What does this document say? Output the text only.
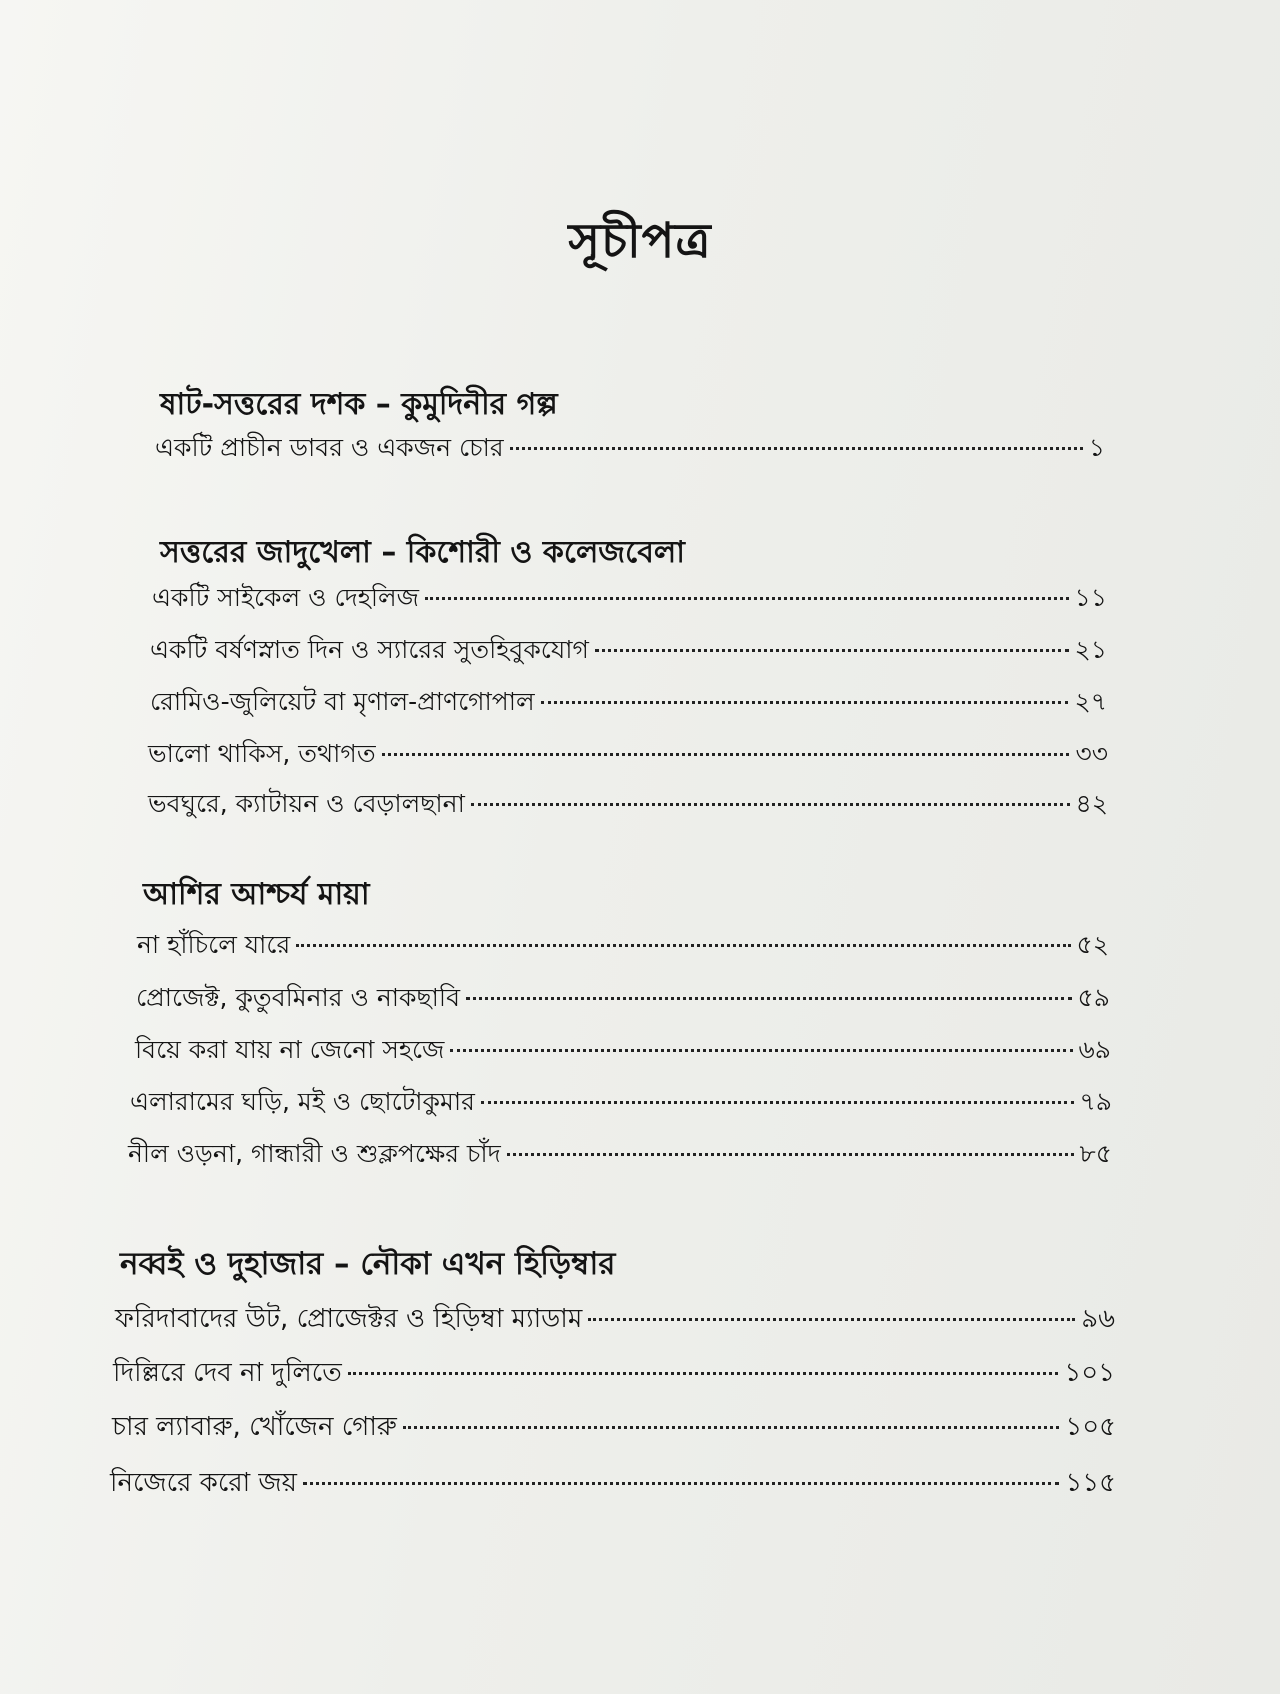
সূচীপত্র
ষাট-সত্তরের দশক – কুমুদিনীর গল্প
একটি প্রাচীন ডাবর ও একজন চোর	১
সত্তরের জাদুখেলা – কিশোরী ও কলেজবেলা
একটি সাইকেল ও দেহলিজ	১১
একটি বর্ষণস্নাত দিন ও স্যারের সুতহিবুকযোগ	২১
রোমিও-জুলিয়েট বা মৃণাল-প্রাণগোপাল	২৭
ভালো থাকিস, তথাগত	৩৩
ভবঘুরে, ক্যাটায়ন ও বেড়ালছানা	৪২
আশির আশ্চর্য মায়া
না হাঁচিলে যারে	৫২
প্রোজেক্ট, কুতুবমিনার ও নাকছাবি	৫৯
বিয়ে করা যায় না জেনো সহজে	৬৯
এলারামের ঘড়ি, মই ও ছোটোকুমার	৭৯
নীল ওড়না, গান্ধারী ও শুক্লপক্ষের চাঁদ	৮৫
নব্বই ও দুহাজার – নৌকা এখন হিড়িম্বার
ফরিদাবাদের উট, প্রোজেক্টর ও হিড়িম্বা ম্যাডাম	৯৬
দিল্লিরে দেব না দুলিতে	১০১
চার ল্যাবারু, খোঁজেন গোরু	১০৫
নিজেরে করো জয়	১১৫
